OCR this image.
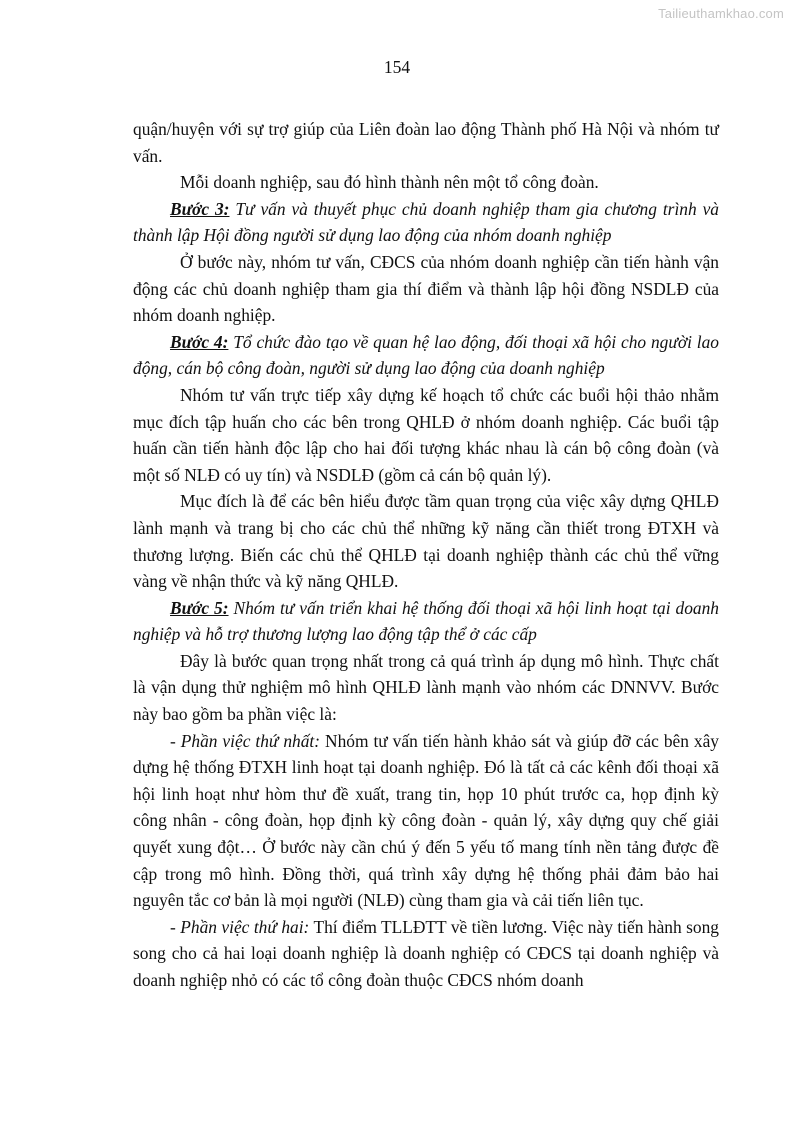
Tailieuthamkhao.com
154

quận/huyện với sự trợ giúp của Liên đoàn lao động Thành phố Hà Nội và nhóm tư vấn.

Mỗi doanh nghiệp, sau đó hình thành nên một tổ công đoàn.

Bước 3: Tư vấn và thuyết phục chủ doanh nghiệp tham gia chương trình và thành lập Hội đồng người sử dụng lao động của nhóm doanh nghiệp

Ở bước này, nhóm tư vấn, CĐCS của nhóm doanh nghiệp cần tiến hành vận động các chủ doanh nghiệp tham gia thí điểm và thành lập hội đồng NSDLĐ của nhóm doanh nghiệp.

Bước 4: Tổ chức đào tạo về quan hệ lao động, đối thoại xã hội cho người lao động, cán bộ công đoàn, người sử dụng lao động của doanh nghiệp

Nhóm tư vấn trực tiếp xây dựng kế hoạch tổ chức các buổi hội thảo nhằm mục đích tập huấn cho các bên trong QHLĐ ở nhóm doanh nghiệp. Các buổi tập huấn cần tiến hành độc lập cho hai đối tượng khác nhau là cán bộ công đoàn (và một số NLĐ có uy tín) và NSDLĐ (gồm cả cán bộ quản lý).

Mục đích là để các bên hiểu được tầm quan trọng của việc xây dựng QHLĐ lành mạnh và trang bị cho các chủ thể những kỹ năng cần thiết trong ĐTXH và thương lượng. Biến các chủ thể QHLĐ tại doanh nghiệp thành các chủ thể vững vàng về nhận thức và kỹ năng QHLĐ.

Bước 5: Nhóm tư vấn triển khai hệ thống đối thoại xã hội linh hoạt tại doanh nghiệp và hỗ trợ thương lượng lao động tập thể ở các cấp

Đây là bước quan trọng nhất trong cả quá trình áp dụng mô hình. Thực chất là vận dụng thử nghiệm mô hình QHLĐ lành mạnh vào nhóm các DNNVV. Bước này bao gồm ba phần việc là:

- Phần việc thứ nhất: Nhóm tư vấn tiến hành khảo sát và giúp đỡ các bên xây dựng hệ thống ĐTXH linh hoạt tại doanh nghiệp. Đó là tất cả các kênh đối thoại xã hội linh hoạt như hòm thư đề xuất, trang tin, họp 10 phút trước ca, họp định kỳ công nhân - công đoàn, họp định kỳ công đoàn - quản lý, xây dựng quy chế giải quyết xung đột… Ở bước này cần chú ý đến 5 yếu tố mang tính nền tảng được đề cập trong mô hình. Đồng thời, quá trình xây dựng hệ thống phải đảm bảo hai nguyên tắc cơ bản là mọi người (NLĐ) cùng tham gia và cải tiến liên tục.

- Phần việc thứ hai: Thí điểm TLLĐTT về tiền lương. Việc này tiến hành song song cho cả hai loại doanh nghiệp là doanh nghiệp có CĐCS tại doanh nghiệp và doanh nghiệp nhỏ có các tổ công đoàn thuộc CĐCS nhóm doanh
